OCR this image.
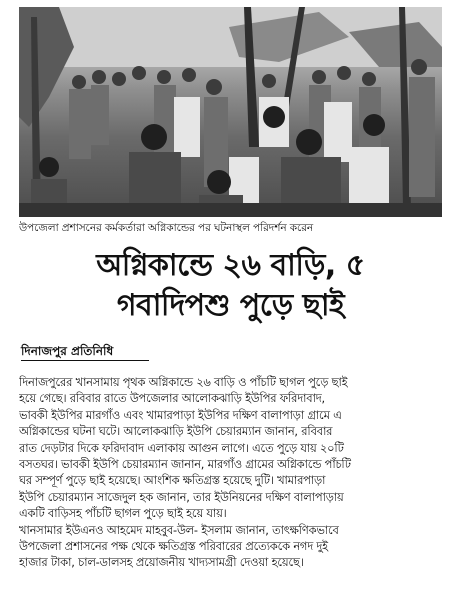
উপজেলা প্রশাসনের কর্মকর্তারা অগ্নিকান্ডের পর ঘটনাস্থল পরিদর্শন করেন
অগ্নিকান্ডে ২৬ বাড়ি, ৫
গবাদিপশু পুড়ে ছাই
দিনাজপুর প্রতিনিধি
দিনাজপুরের খানসামায় পৃথক অগ্নিকান্ডে ২৬ বাড়ি ও পাঁচটি ছাগল পুড়ে ছাই
হয়ে গেছে। রবিবার রাতে উপজেলার আলোকঝাড়ি ইউপির ফরিদাবাদ,
ভাবকী ইউপির মারগাঁও এবং খামারপাড়া ইউপির দক্ষিণ বালাপাড়া গ্রামে এ
অগ্নিকান্ডের ঘটনা ঘটে। আলোকঝাড়ি ইউপি চেয়ারম্যান জানান, রবিবার
রাত দেড়টার দিকে ফরিদাবাদ এলাকায় আগুন লাগে। এতে পুড়ে যায় ২০টি
বসতঘর। ভাবকী ইউপি চেয়ারম্যান জানান, মারগাঁও গ্রামের অগ্নিকান্ডে পাঁচটি
ঘর সম্পূর্ণ পুড়ে ছাই হয়েছে। আংশিক ক্ষতিগ্রস্ত হয়েছে দুটি। খামারপাড়া
ইউপি চেয়ারম্যান সাজেদুল হক জানান, তার ইউনিয়নের দক্ষিণ বালাপাড়ায়
একটি বাড়িসহ পাঁচটি ছাগল পুড়ে ছাই হয়ে যায়।
খানসামার ইউএনও আহমেদ মাহবুব-উল- ইসলাম জানান, তাৎক্ষণিকভাবে
উপজেলা প্রশাসনের পক্ষ থেকে ক্ষতিগ্রস্ত পরিবারের প্রত্যেককে নগদ দুই
হাজার টাকা, চাল-ডালসহ প্রয়োজনীয় খাদ্যসামগ্রী দেওয়া হয়েছে।
